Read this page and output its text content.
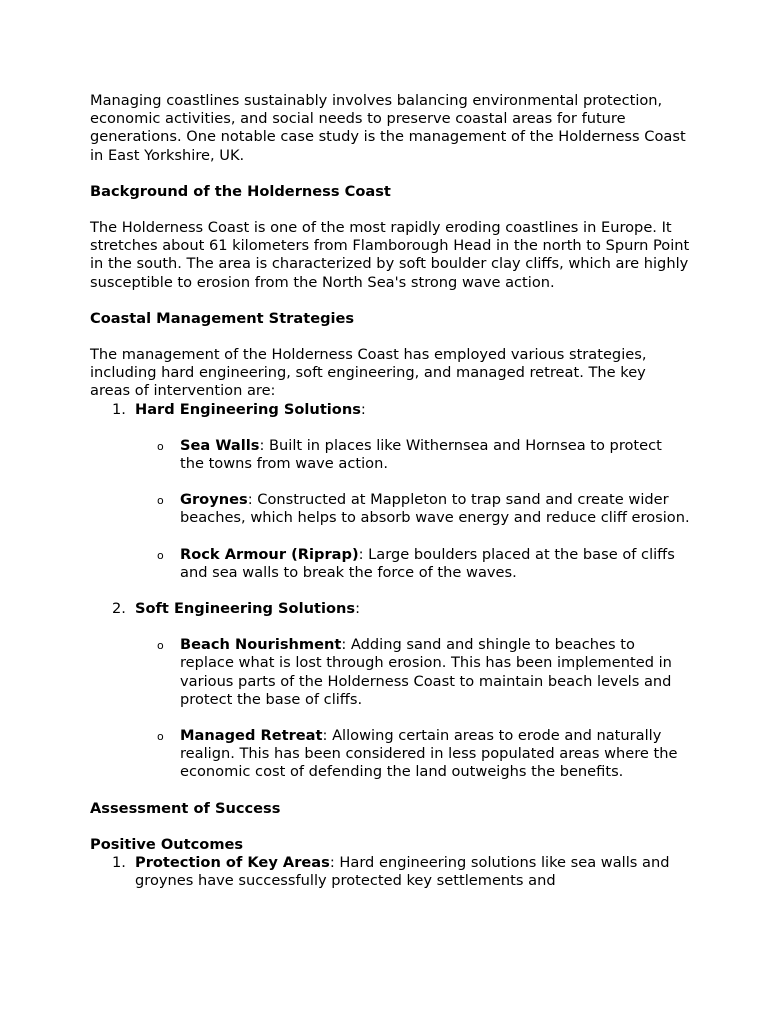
Managing coastlines sustainably involves balancing environmental protection, economic activities, and social needs to preserve coastal areas for future generations. One notable case study is the management of the Holderness Coast in East Yorkshire, UK.

Background of the Holderness Coast

The Holderness Coast is one of the most rapidly eroding coastlines in Europe. It stretches about 61 kilometers from Flamborough Head in the north to Spurn Point in the south. The area is characterized by soft boulder clay cliffs, which are highly susceptible to erosion from the North Sea's strong wave action.

Coastal Management Strategies

The management of the Holderness Coast has employed various strategies, including hard engineering, soft engineering, and managed retreat. The key areas of intervention are:

1. Hard Engineering Solutions:
o Sea Walls: Built in places like Withernsea and Hornsea to protect the towns from wave action.
o Groynes: Constructed at Mappleton to trap sand and create wider beaches, which helps to absorb wave energy and reduce cliff erosion.
o Rock Armour (Riprap): Large boulders placed at the base of cliffs and sea walls to break the force of the waves.
2. Soft Engineering Solutions:
o Beach Nourishment: Adding sand and shingle to beaches to replace what is lost through erosion. This has been implemented in various parts of the Holderness Coast to maintain beach levels and protect the base of cliffs.
o Managed Retreat: Allowing certain areas to erode and naturally realign. This has been considered in less populated areas where the economic cost of defending the land outweighs the benefits.

Assessment of Success

Positive Outcomes

1. Protection of Key Areas: Hard engineering solutions like sea walls and groynes have successfully protected key settlements and
